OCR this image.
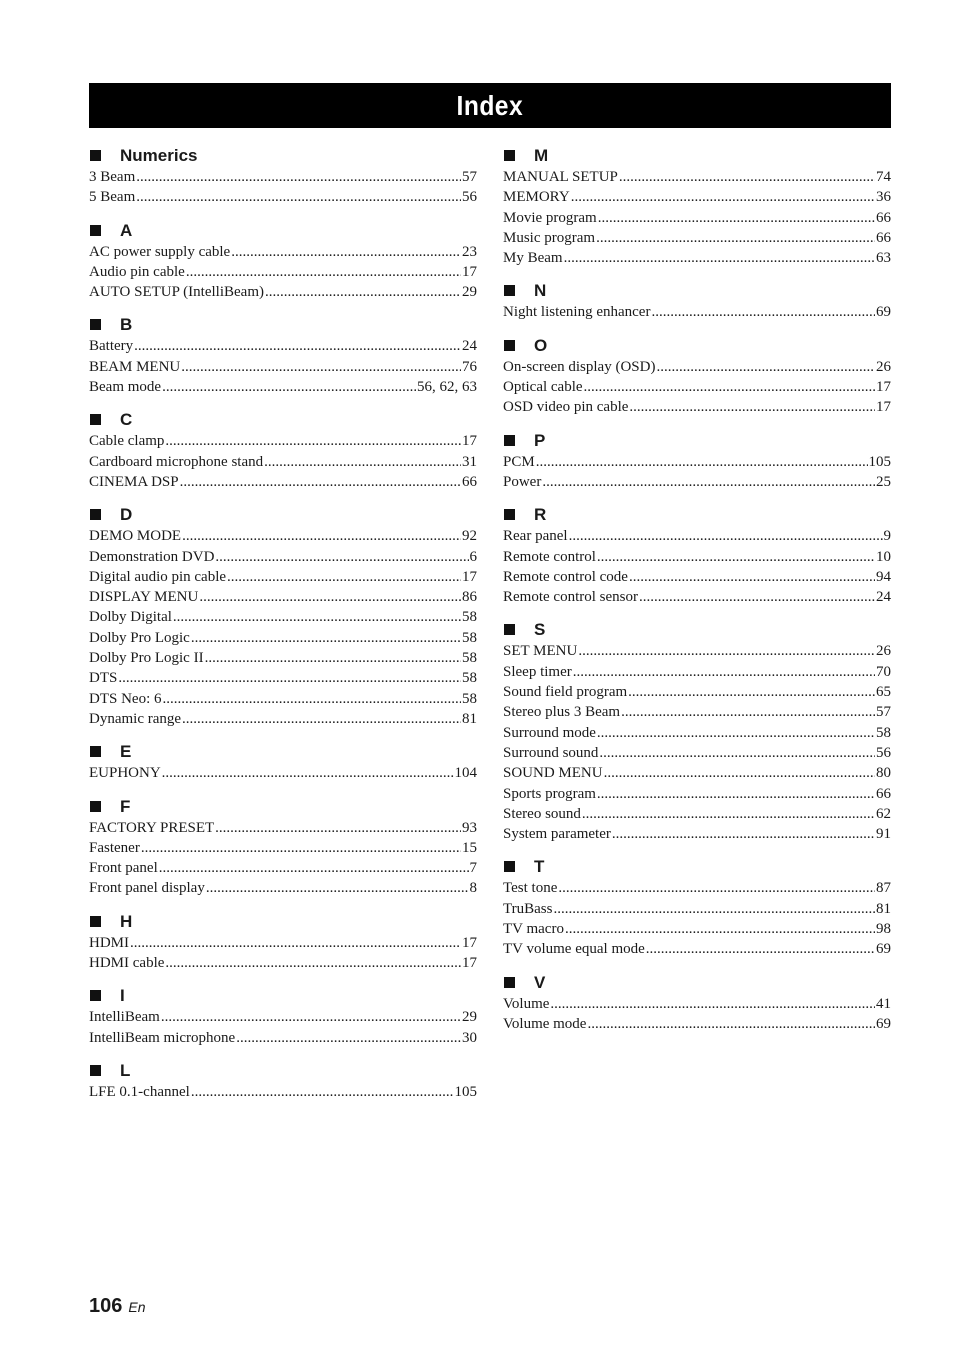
Index
Numerics
3 Beam .....	57
5 Beam .....	56
A
AC power supply cable .....	23
Audio pin cable .....	17
AUTO SETUP (IntelliBeam) .....	29
B
Battery .....	24
BEAM MENU .....	76
Beam mode .....	56, 62, 63
C
Cable clamp .....	17
Cardboard microphone stand .....	31
CINEMA DSP .....	66
D
DEMO MODE .....	92
Demonstration DVD .....	6
Digital audio pin cable .....	17
DISPLAY MENU .....	86
Dolby Digital .....	58
Dolby Pro Logic .....	58
Dolby Pro Logic II .....	58
DTS .....	58
DTS Neo: 6 .....	58
Dynamic range .....	81
E
EUPHONY .....	104
F
FACTORY PRESET .....	93
Fastener .....	15
Front panel .....	7
Front panel display .....	8
H
HDMI .....	17
HDMI cable .....	17
I
IntelliBeam .....	29
IntelliBeam microphone .....	30
L
LFE 0.1-channel .....	105
M
MANUAL SETUP .....	74
MEMORY .....	36
Movie program .....	66
Music program .....	66
My Beam .....	63
N
Night listening enhancer .....	69
O
On-screen display (OSD) .....	26
Optical cable .....	17
OSD video pin cable .....	17
P
PCM .....	105
Power .....	25
R
Rear panel .....	9
Remote control .....	10
Remote control code .....	94
Remote control sensor .....	24
S
SET MENU .....	26
Sleep timer .....	70
Sound field program .....	65
Stereo plus 3 Beam .....	57
Surround mode .....	58
Surround sound .....	56
SOUND MENU .....	80
Sports program .....	66
Stereo sound .....	62
System parameter .....	91
T
Test tone .....	87
TruBass .....	81
TV macro .....	98
TV volume equal mode .....	69
V
Volume .....	41
Volume mode .....	69
106 En
